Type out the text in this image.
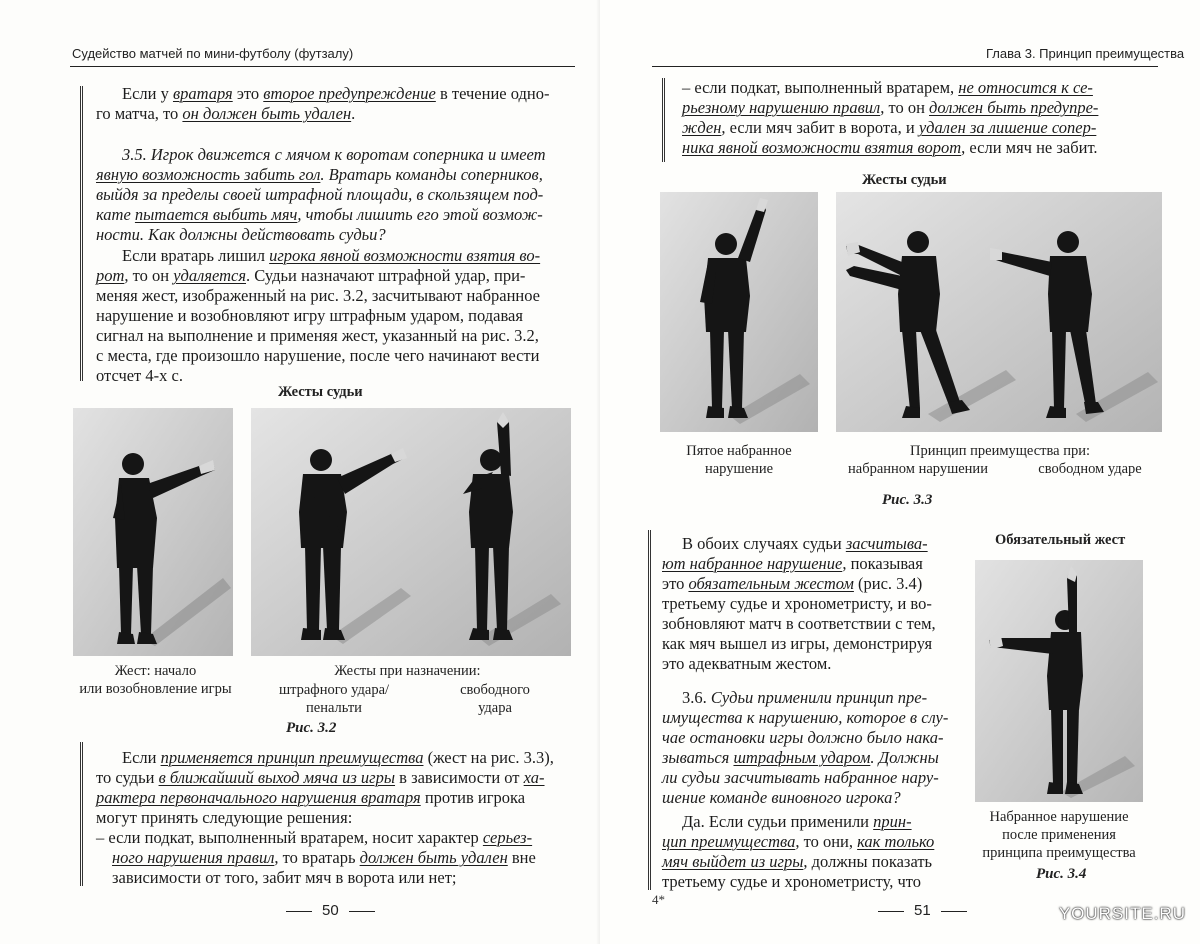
Судейство матчей по мини-футболу (футзалу)
Если у вратаря это второе предупреждение в течение одно-
го матча, то он должен быть удален.
3.5. Игрок движется с мячом к воротам соперника и имеет
явную возможность забить гол. Вратарь команды соперников,
выйдя за пределы своей штрафной площади, в скользящем под-
кате пытается выбить мяч, чтобы лишить его этой возмож-
ности. Как должны действовать судьи?
Если вратарь лишил игрока явной возможности взятия во-
рот, то он удаляется. Судьи назначают штрафной удар, при-
меняя жест, изображенный на рис. 3.2, засчитывают набранное
нарушение и возобновляют игру штрафным ударом, подавая
сигнал на выполнение и применяя жест, указанный на рис. 3.2,
с места, где произошло нарушение, после чего начинают вести
отсчет 4-х с.
Жесты судьи
Жест: начало
или возобновление игры
Жесты при назначении:
штрафного удара/
пенальти
свободного
удара
Рис. 3.2
Если применяется принцип преимущества (жест на рис. 3.3),
то судьи в ближайший выход мяча из игры в зависимости от ха-
рактера первоначального нарушения вратаря против игрока
могут принять следующие решения:
– если подкат, выполненный вратарем, носит характер серьез-
ного нарушения правил, то вратарь должен быть удален вне
зависимости от того, забит мяч в ворота или нет;
50
Глава 3. Принцип преимущества
– если подкат, выполненный вратарем, не относится к се-
рьезному нарушению правил, то он должен быть предупре-
жден, если мяч забит в ворота, и удален за лишение сопер-
ника явной возможности взятия ворот, если мяч не забит.
Жесты судьи
Пятое набранное
нарушение
Принцип преимущества при:
набранном нарушении	свободном ударе
Рис. 3.3
В обоих случаях судьи засчитыва-
ют набранное нарушение, показывая
это обязательным жестом (рис. 3.4)
третьему судье и хронометристу, и во-
зобновляют матч в соответствии с тем,
как мяч вышел из игры, демонстрируя
это адекватным жестом.
3.6. Судьи применили принцип пре-
имущества к нарушению, которое в слу-
чае остановки игры должно было нака-
зываться штрафным ударом. Должны
ли судьи засчитывать набранное нару-
шение команде виновного игрока?
Да. Если судьи применили прин-
цип преимущества, то они, как только
мяч выйдет из игры, должны показать
третьему судье и хронометристу, что
Обязательный жест
Набранное нарушение
после применения
принципа преимущества
Рис. 3.4
4*
51	YOURSITE.RU
